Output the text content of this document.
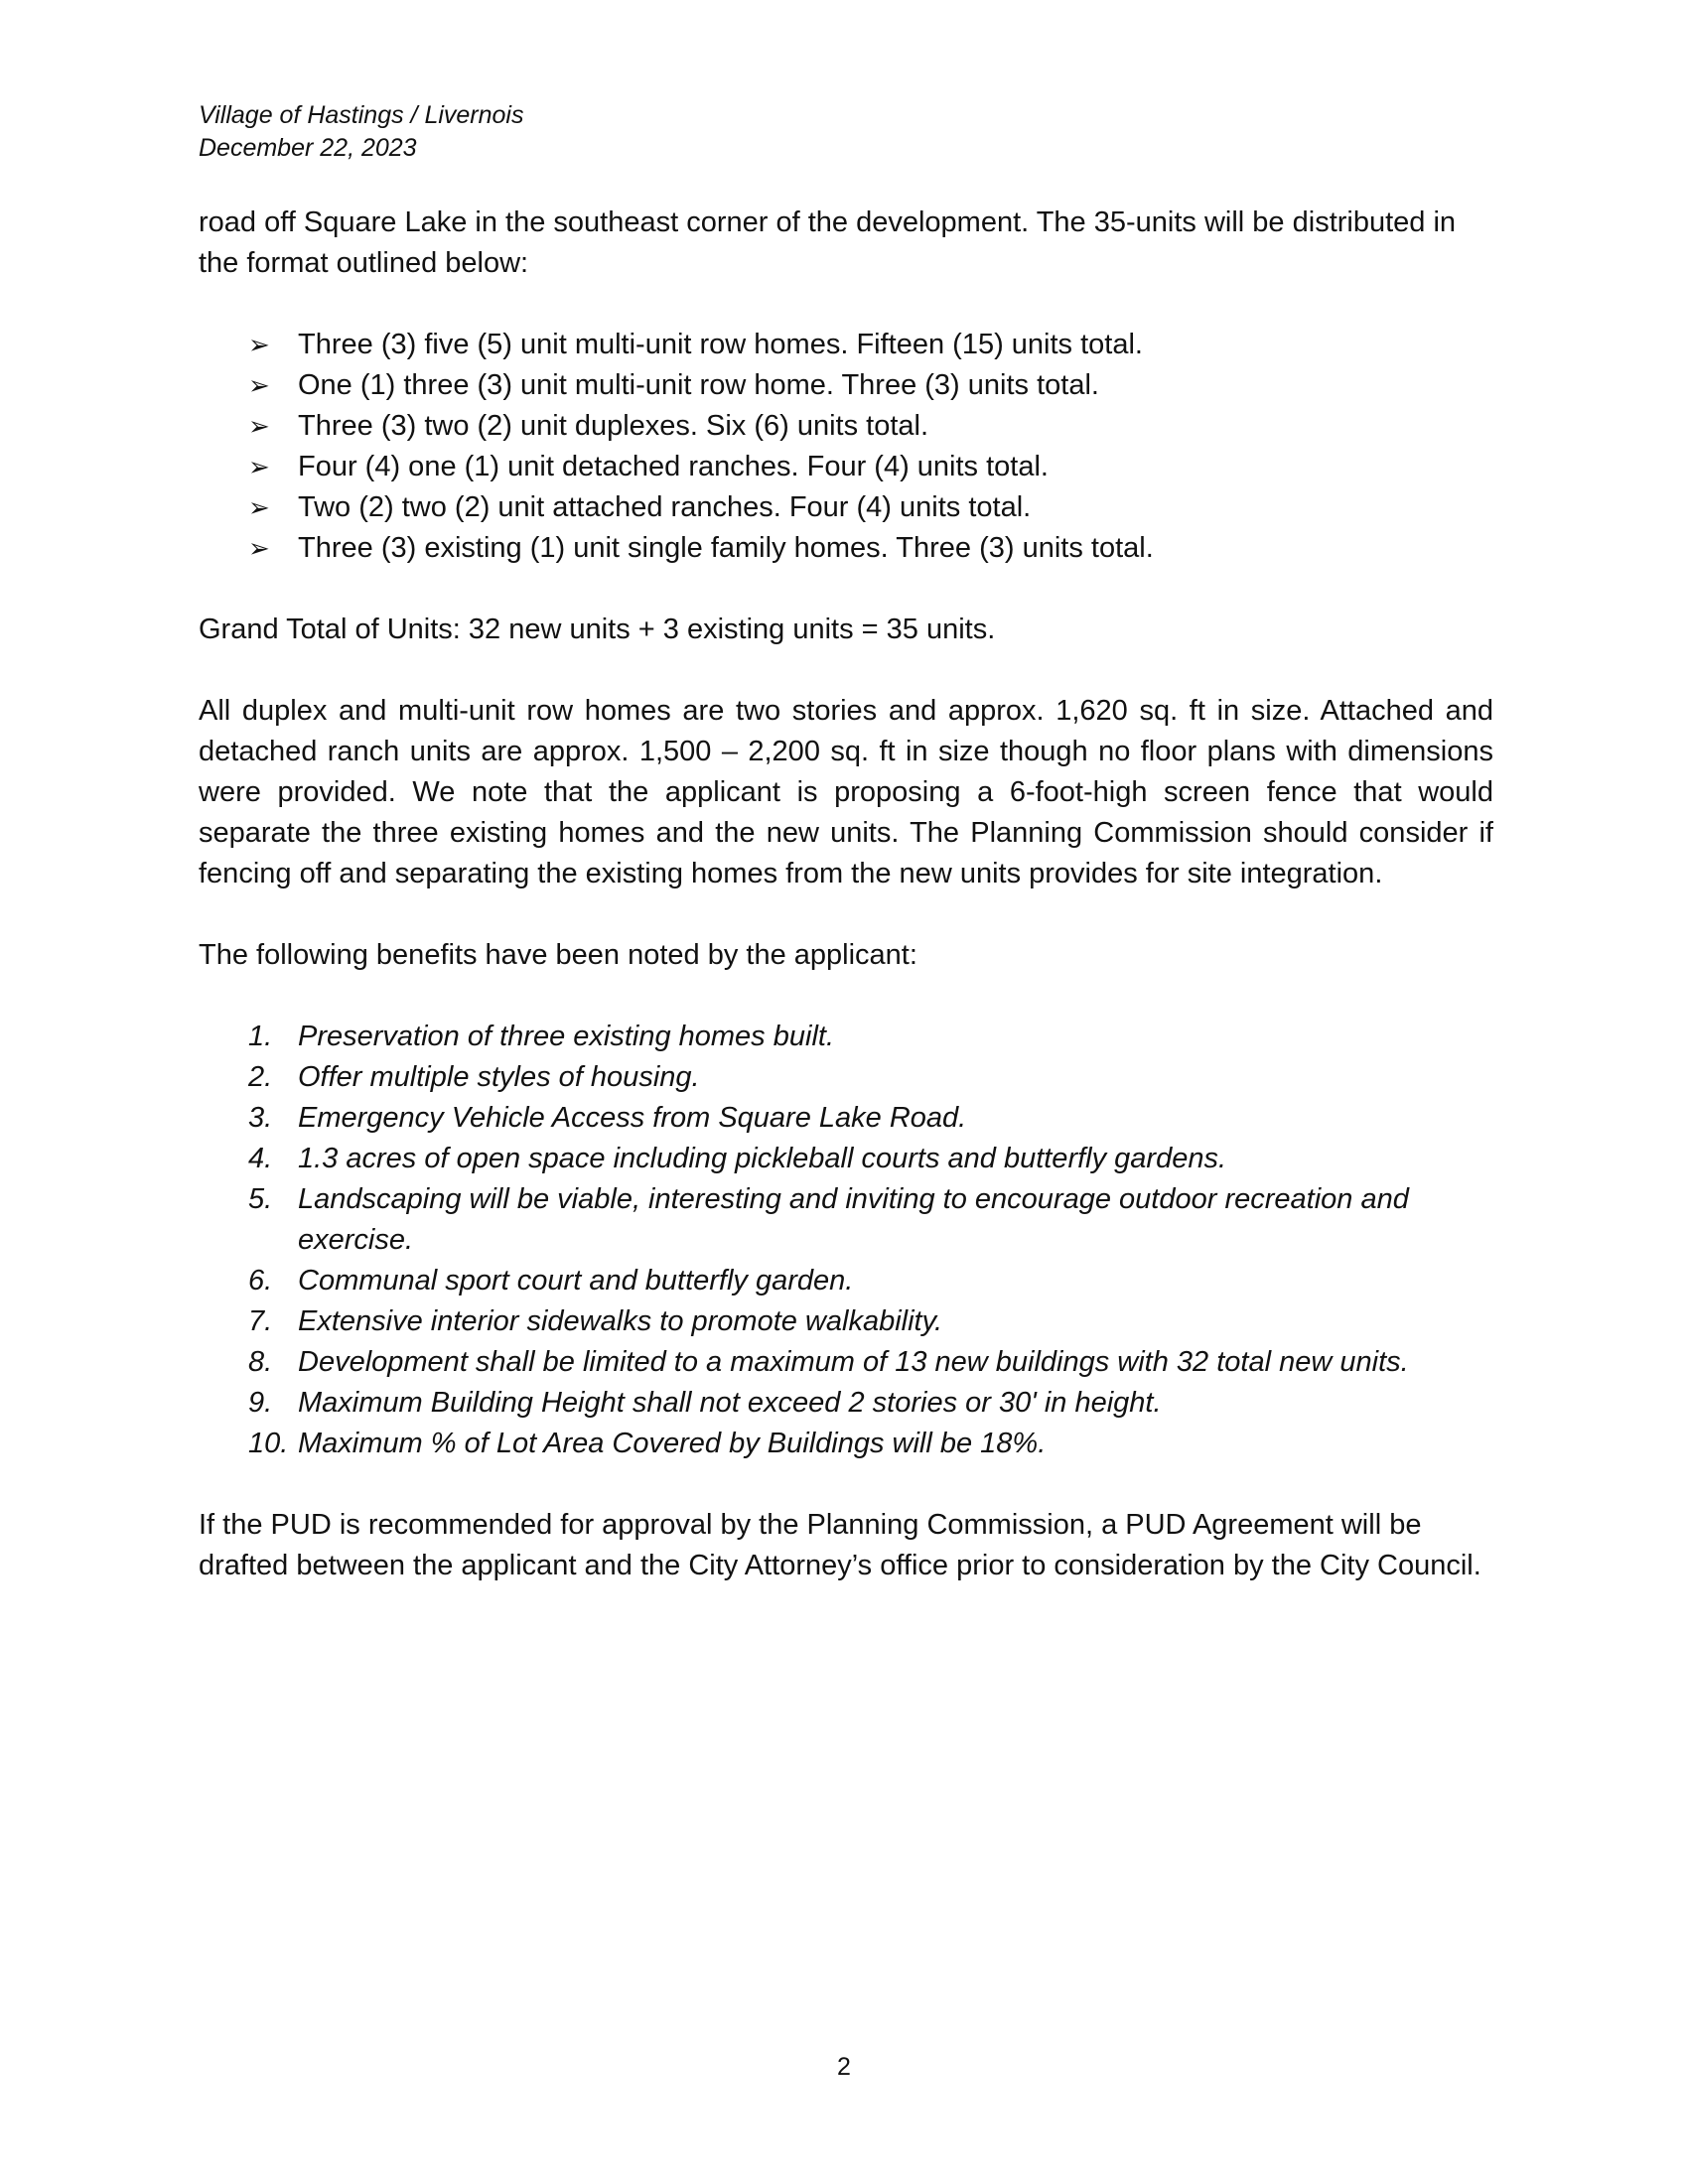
Village of Hastings / Livernois
December 22, 2023

road off Square Lake in the southeast corner of the development. The 35-units will be distributed in the format outlined below:

➢ Three (3) five (5) unit multi-unit row homes. Fifteen (15) units total.
➢ One (1) three (3) unit multi-unit row home. Three (3) units total.
➢ Three (3) two (2) unit duplexes. Six (6) units total.
➢ Four (4) one (1) unit detached ranches. Four (4) units total.
➢ Two (2) two (2) unit attached ranches. Four (4) units total.
➢ Three (3) existing (1) unit single family homes. Three (3) units total.

Grand Total of Units: 32 new units + 3 existing units = 35 units.

All duplex and multi-unit row homes are two stories and approx. 1,620 sq. ft in size. Attached and detached ranch units are approx. 1,500 – 2,200 sq. ft in size though no floor plans with dimensions were provided. We note that the applicant is proposing a 6-foot-high screen fence that would separate the three existing homes and the new units. The Planning Commission should consider if fencing off and separating the existing homes from the new units provides for site integration.

The following benefits have been noted by the applicant:

1. Preservation of three existing homes built.
2. Offer multiple styles of housing.
3. Emergency Vehicle Access from Square Lake Road.
4. 1.3 acres of open space including pickleball courts and butterfly gardens.
5. Landscaping will be viable, interesting and inviting to encourage outdoor recreation and exercise.
6. Communal sport court and butterfly garden.
7. Extensive interior sidewalks to promote walkability.
8. Development shall be limited to a maximum of 13 new buildings with 32 total new units.
9. Maximum Building Height shall not exceed 2 stories or 30' in height.
10. Maximum % of Lot Area Covered by Buildings will be 18%.

If the PUD is recommended for approval by the Planning Commission, a PUD Agreement will be drafted between the applicant and the City Attorney’s office prior to consideration by the City Council.

2
